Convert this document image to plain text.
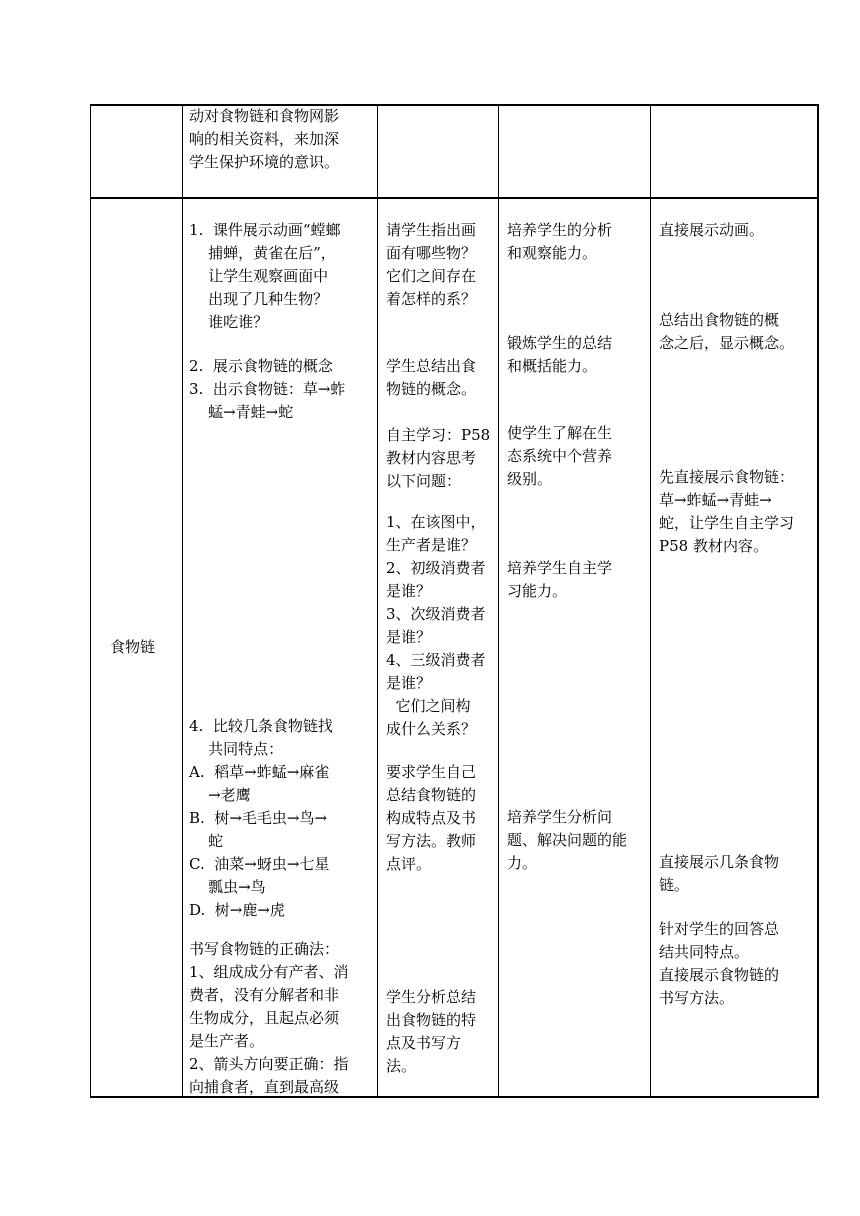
动对食物链和食物网影
响的相关资料，来加深
学生保护环境的意识。
食物链
1.  课件展示动画“螳螂
捕蝉，黄雀在后”，
让学生观察画面中
出现了几种生物？
谁吃谁？
2.  展示食物链的概念
3.  出示食物链：草→蚱
蜢→青蛙→蛇
4.  比较几条食物链找
共同特点：
A.  稻草→蚱蜢→麻雀
→老鹰
B.  树→毛毛虫→鸟→
蛇
C.  油菜→蚜虫→七星
瓢虫→鸟
D.  树→鹿→虎
书写食物链的正确法：
1、组成成分有产者、消
费者，没有分解者和非
生物成分，且起点必须
是生产者。
2、箭头方向要正确：指
向捕食者，直到最高级
请学生指出画
面有哪些物？
它们之间存在
着怎样的系？
学生总结出食
物链的概念。
自主学习：P58
教材内容思考
以下问题：
1、在该图中，
生产者是谁？
2、初级消费者
是谁？
3、次级消费者
是谁？
4、三级消费者
是谁？
它们之间构
成什么关系？
要求学生自己
总结食物链的
构成特点及书
写方法。教师
点评。
学生分析总结
出食物链的特
点及书写方
法。
培养学生的分析
和观察能力。
锻炼学生的总结
和概括能力。
使学生了解在生
态系统中个营养
级别。
培养学生自主学
习能力。
培养学生分析问
题、解决问题的能
力。
直接展示动画。
总结出食物链的概
念之后，显示概念。
先直接展示食物链：
草→蚱蜢→青蛙→
蛇，让学生自主学习
P58 教材内容。
直接展示几条食物
链。
针对学生的回答总
结共同特点。
直接展示食物链的
书写方法。
